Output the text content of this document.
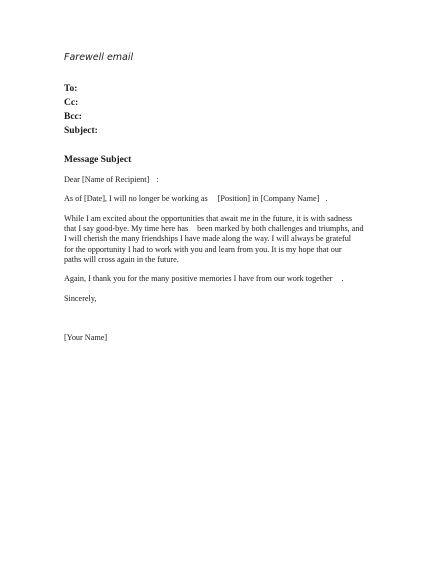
Farewell email
To:
Cc:
Bcc:
Subject:
Message Subject
Dear [Name of Recipient] :
As of [Date], I will no longer be working as [Position] in [Company Name] .
While I am excited about the opportunities that await me in the future, it is with sadness
that I say good-bye. My time here has been marked by both challenges and triumphs, and
I will cherish the many friendships I have made along the way. I will always be grateful
for the opportunity I had to work with you and learn from you. It is my hope that our
paths will cross again in the future.
Again, I thank you for the many positive memories I have from our work together .
Sincerely,
[Your Name]
